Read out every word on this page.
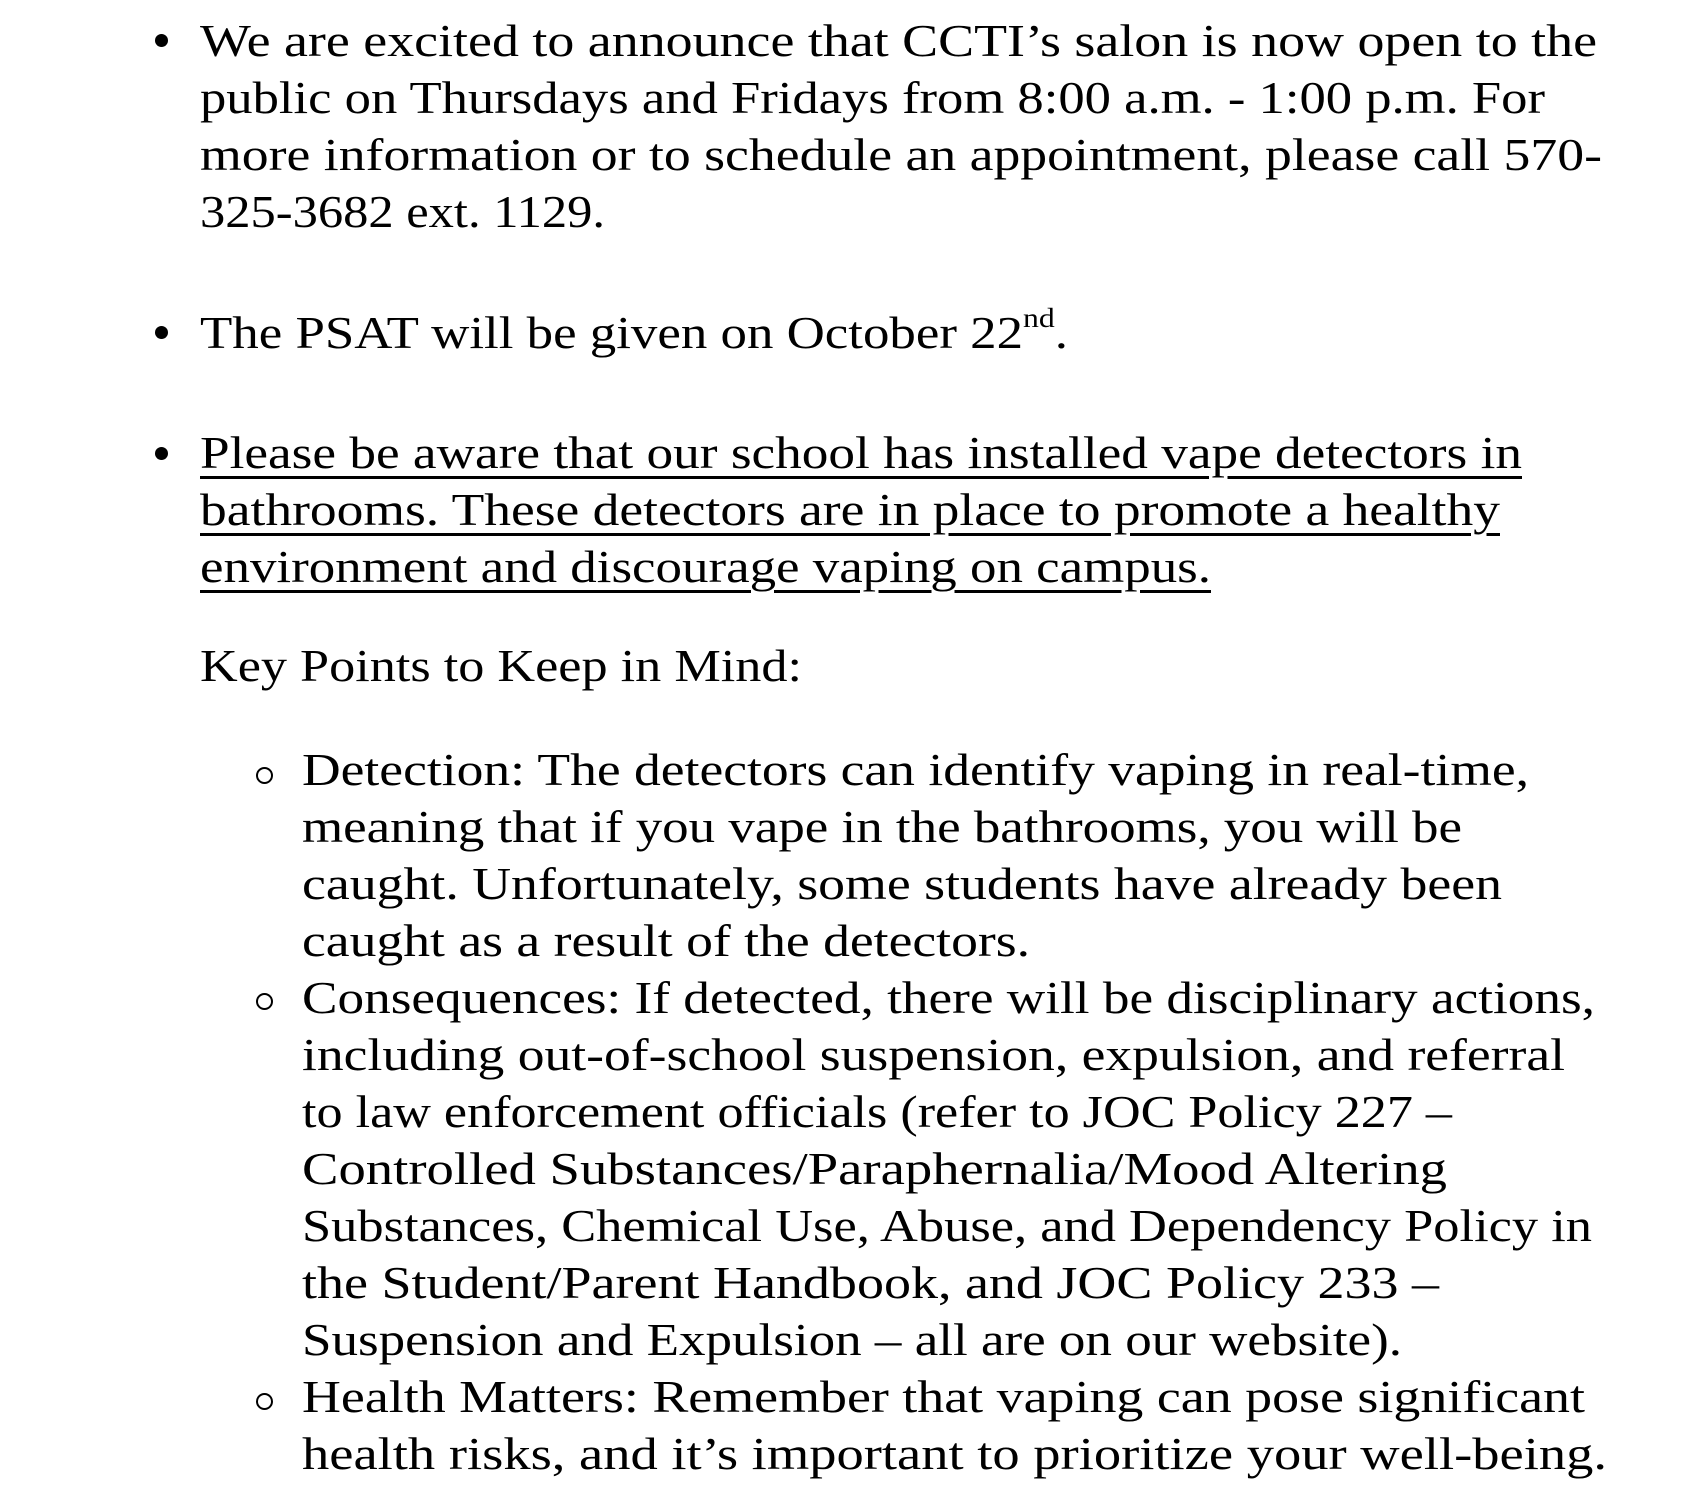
We are excited to announce that CCTI’s salon is now open to the
public on Thursdays and Fridays from 8:00 a.m. - 1:00 p.m. For
more information or to schedule an appointment, please call 570-
325-3682 ext. 1129.
The PSAT will be given on October 22nd.
Please be aware that our school has installed vape detectors in
bathrooms. These detectors are in place to promote a healthy
environment and discourage vaping on campus.
Key Points to Keep in Mind:
Detection: The detectors can identify vaping in real-time,
meaning that if you vape in the bathrooms, you will be
caught. Unfortunately, some students have already been
caught as a result of the detectors.
Consequences: If detected, there will be disciplinary actions,
including out-of-school suspension, expulsion, and referral
to law enforcement officials (refer to JOC Policy 227 –
Controlled Substances/Paraphernalia/Mood Altering
Substances, Chemical Use, Abuse, and Dependency Policy in
the Student/Parent Handbook, and JOC Policy 233 –
Suspension and Expulsion – all are on our website).
Health Matters: Remember that vaping can pose significant
health risks, and it’s important to prioritize your well-being.
